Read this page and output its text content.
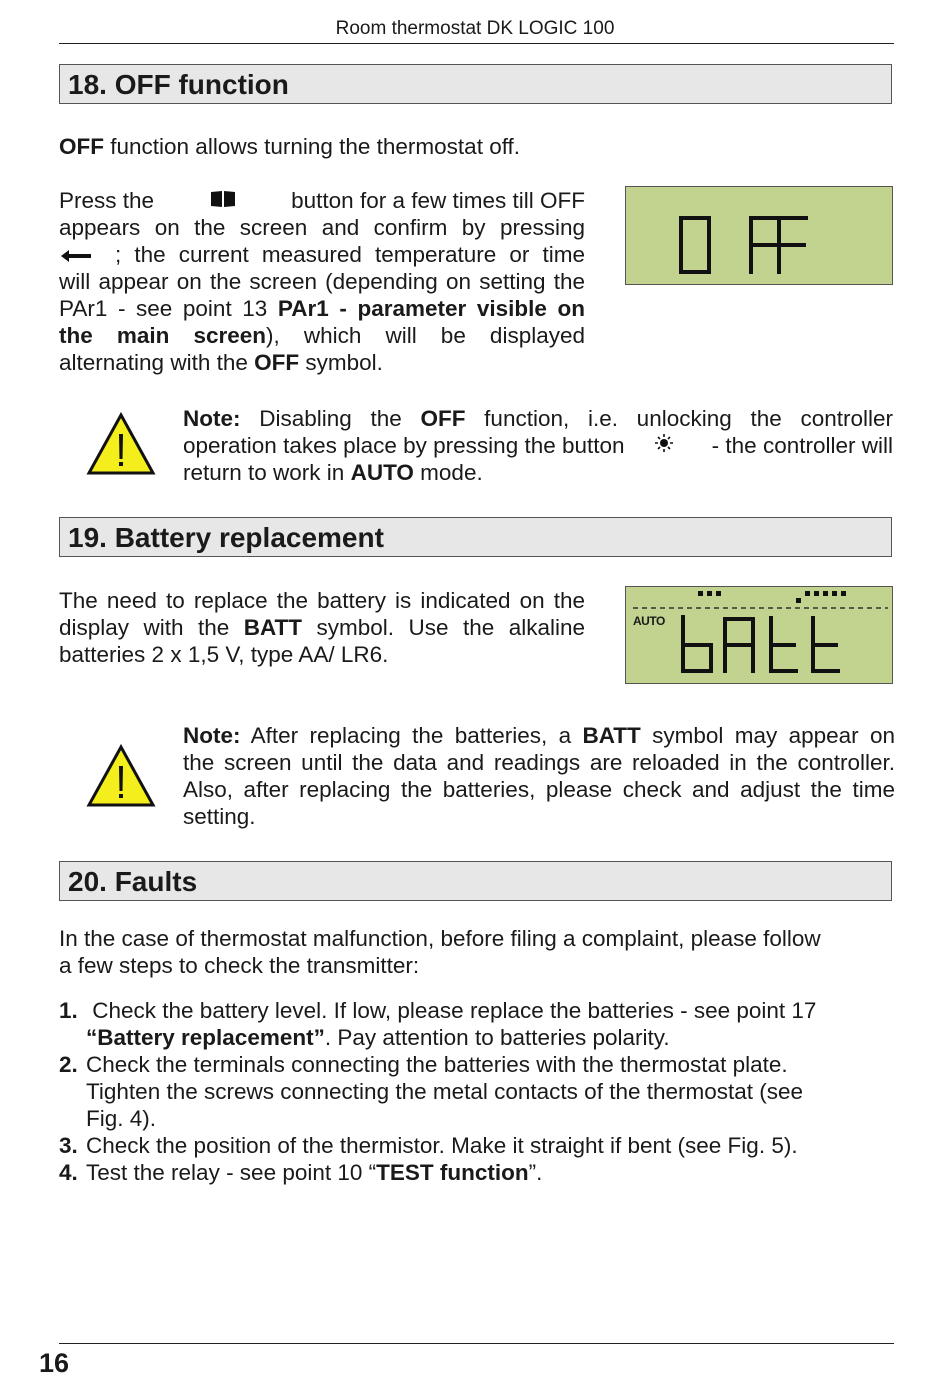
Room thermostat DK LOGIC 100
18. OFF function
OFF function allows turning the thermostat off.
Press the	button for a few times till OFF
appears on the screen and confirm by pressing
; the current measured temperature or time
will appear on the screen (depending on setting the
PAr1 - see point 13 PAr1 - parameter visible on
the main screen), which will be displayed
alternating with the OFF symbol.
Note: Disabling the OFF function, i.e. unlocking the controller
operation takes place by pressing the button	- the controller will
return to work in AUTO mode.
19. Battery replacement
The need to replace the battery is indicated on the
display with the BATT symbol. Use the alkaline
batteries 2 x 1,5 V, type AA/ LR6.
AUTO
Note: After replacing the batteries, a BATT symbol may appear on
the screen until the data and readings are reloaded in the controller.
Also, after replacing the batteries, please check and adjust the time
setting.
20. Faults
In the case of thermostat malfunction, before filing a complaint, please follow
a few steps to check the transmitter:
1. Check the battery level. If low, please replace the batteries - see point 17
“Battery replacement”. Pay attention to batteries polarity.
2. Check the terminals connecting the batteries with the thermostat plate.
Tighten the screws connecting the metal contacts of the thermostat (see
Fig. 4).
3. Check the position of the thermistor. Make it straight if bent (see Fig. 5).
4. Test the relay - see point 10 “TEST function”.
16
